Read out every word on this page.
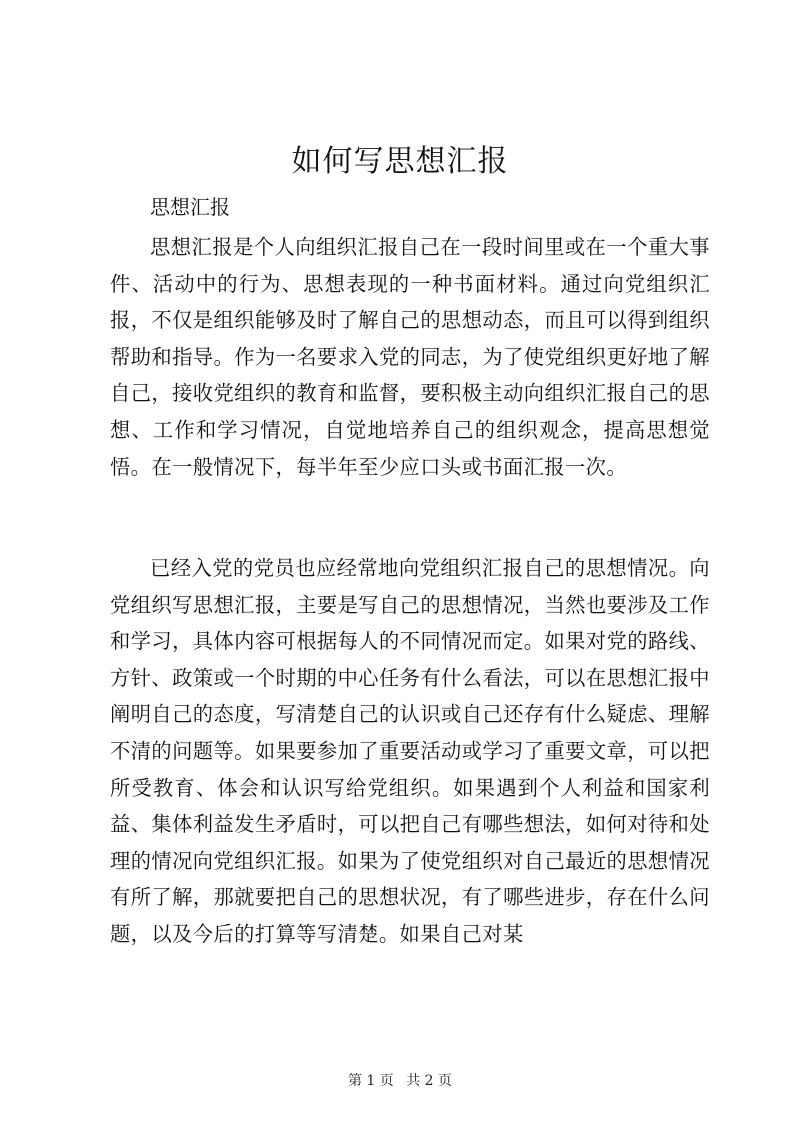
如何写思想汇报

思想汇报

思想汇报是个人向组织汇报自己在一段时间里或在一个重大事件、活动中的行为、思想表现的一种书面材料。通过向党组织汇报，不仅是组织能够及时了解自己的思想动态，而且可以得到组织帮助和指导。作为一名要求入党的同志，为了使党组织更好地了解自己，接收党组织的教育和监督，要积极主动向组织汇报自己的思想、工作和学习情况，自觉地培养自己的组织观念，提高思想觉悟。在一般情况下，每半年至少应口头或书面汇报一次。

已经入党的党员也应经常地向党组织汇报自己的思想情况。向党组织写思想汇报，主要是写自己的思想情况，当然也要涉及工作和学习，具体内容可根据每人的不同情况而定。如果对党的路线、方针、政策或一个时期的中心任务有什么看法，可以在思想汇报中阐明自己的态度，写清楚自己的认识或自己还存有什么疑虑、理解不清的问题等。如果要参加了重要活动或学习了重要文章，可以把所受教育、体会和认识写给党组织。如果遇到个人利益和国家利益、集体利益发生矛盾时，可以把自己有哪些想法，如何对待和处理的情况向党组织汇报。如果为了使党组织对自己最近的思想情况有所了解，那就要把自己的思想状况，有了哪些进步，存在什么问题，以及今后的打算等写清楚。如果自己对某

第 1 页 共 2 页
